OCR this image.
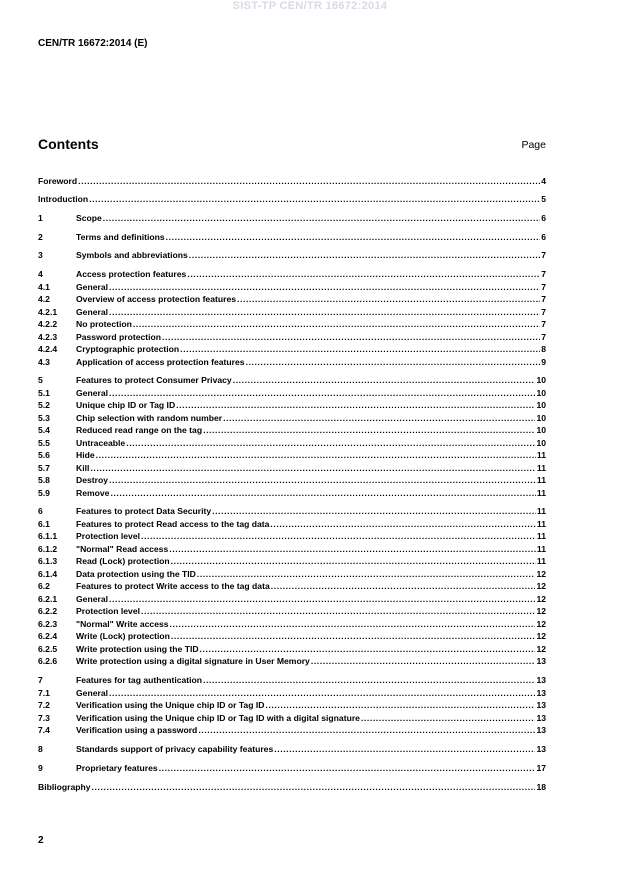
SIST-TP CEN/TR 16672:2014
CEN/TR 16672:2014 (E)
Contents	Page
Foreword .....	4
Introduction .....	5
1	Scope .....	6
2	Terms and definitions .....	6
3	Symbols and abbreviations .....	7
4	Access protection features .....	7
4.1	General .....	7
4.2	Overview of access protection features .....	7
4.2.1	General .....	7
4.2.2	No protection .....	7
4.2.3	Password protection .....	7
4.2.4	Cryptographic protection .....	8
4.3	Application of access protection features .....	9
5	Features to protect Consumer Privacy .....	10
5.1	General .....	10
5.2	Unique chip ID or Tag ID .....	10
5.3	Chip selection with random number .....	10
5.4	Reduced read range on the tag .....	10
5.5	Untraceable .....	10
5.6	Hide .....	11
5.7	Kill .....	11
5.8	Destroy .....	11
5.9	Remove .....	11
6	Features to protect Data Security .....	11
6.1	Features to protect Read access to the tag data .....	11
6.1.1	Protection level .....	11
6.1.2	"Normal" Read access .....	11
6.1.3	Read (Lock) protection .....	11
6.1.4	Data protection using the TID .....	12
6.2	Features to protect Write access to the tag data .....	12
6.2.1	General .....	12
6.2.2	Protection level .....	12
6.2.3	"Normal" Write access .....	12
6.2.4	Write (Lock) protection .....	12
6.2.5	Write protection using the TID .....	12
6.2.6	Write protection using a digital signature in User Memory .....	13
7	Features for tag authentication .....	13
7.1	General .....	13
7.2	Verification using the Unique chip ID or Tag ID .....	13
7.3	Verification using the Unique chip ID or Tag ID with a digital signature .....	13
7.4	Verification using a password .....	13
8	Standards support of privacy capability features .....	13
9	Proprietary features .....	17
Bibliography .....	18
2
